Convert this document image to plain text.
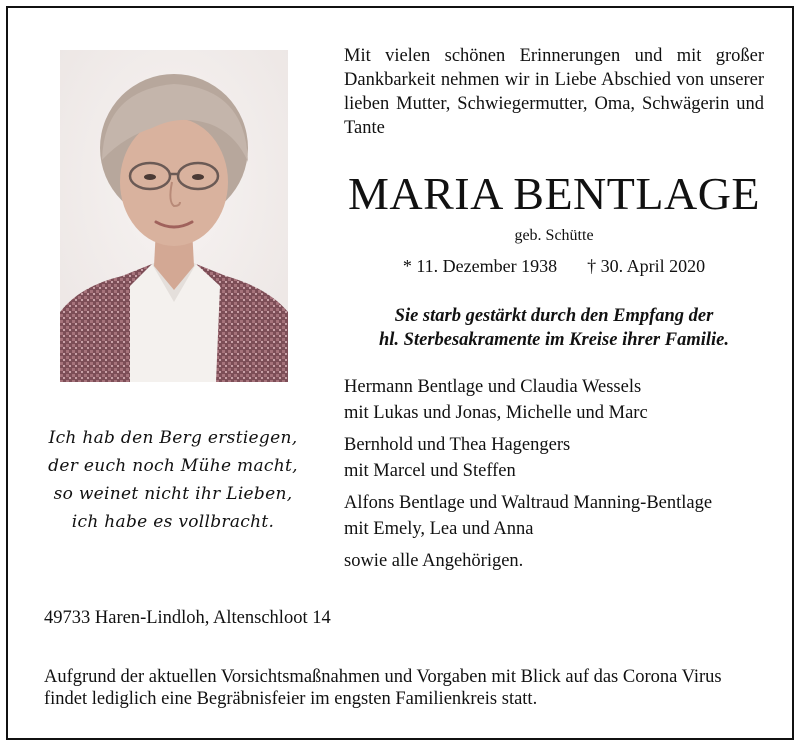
Ich hab den Berg erstiegen,
der euch noch Mühe macht,
so weinet nicht ihr Lieben,
ich habe es vollbracht.
Mit vielen schönen Erinnerungen und mit großer Dankbarkeit nehmen wir in Liebe Abschied von unserer lieben Mutter, Schwiegermutter, Oma, Schwägerin und Tante
MARIA BENTLAGE
geb. Schütte
* 11. Dezember 1938 † 30. April 2020
Sie starb gestärkt durch den Empfang der
hl. Sterbesakramente im Kreise ihrer Familie.
Hermann Bentlage und Claudia Wessels
mit Lukas und Jonas, Michelle und Marc
Bernhold und Thea Hagengers
mit Marcel und Steffen
Alfons Bentlage und Waltraud Manning-Bentlage
mit Emely, Lea und Anna
sowie alle Angehörigen.
49733 Haren-Lindloh, Altenschloot 14
Aufgrund der aktuellen Vorsichtsmaßnahmen und Vorgaben mit Blick auf das Corona Virus
findet lediglich eine Begräbnisfeier im engsten Familienkreis statt.
